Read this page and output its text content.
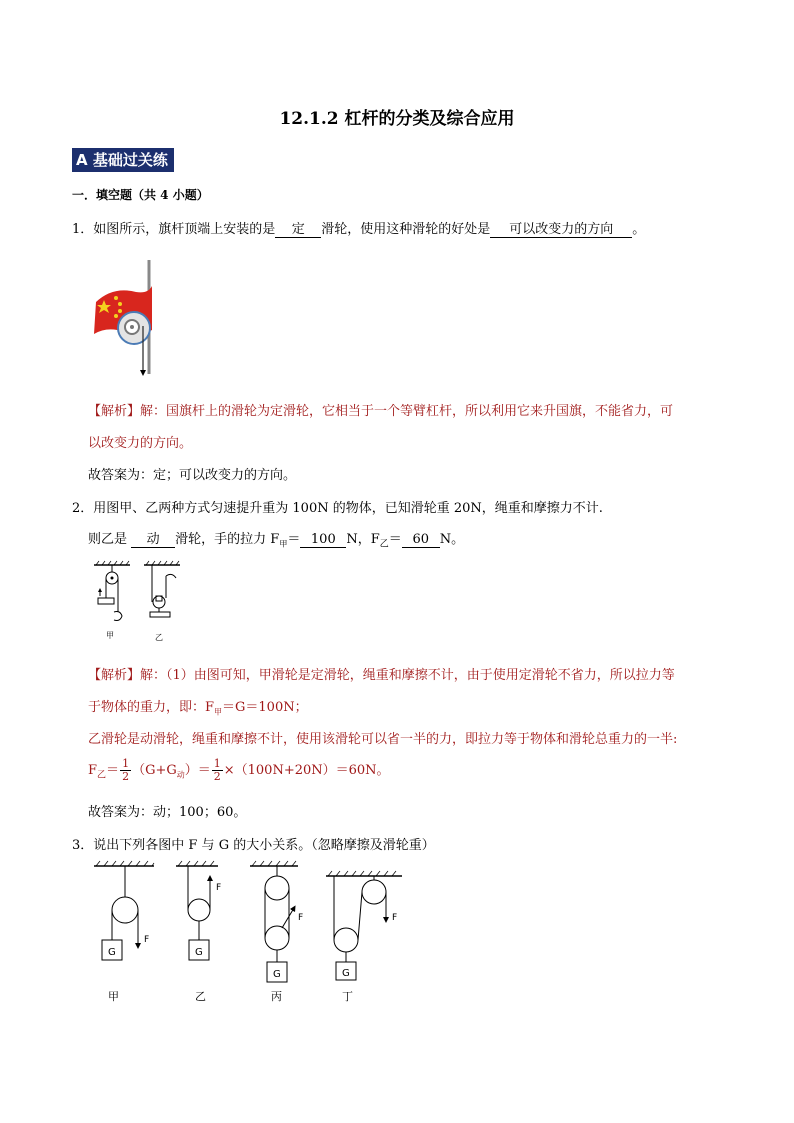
12.1.2 杠杆的分类及综合应用
A 基础过关练
一．填空题（共 4 小题）
1．如图所示，旗杆顶端上安装的是 定 滑轮，使用这种滑轮的好处是 可以改变力的方向 。
【解析】解：国旗杆上的滑轮为定滑轮，它相当于一个等臂杠杆，所以利用它来升国旗，不能省力，可
以改变力的方向。
故答案为：定；可以改变力的方向。
2．用图甲、乙两种方式匀速提升重为 100N 的物体，已知滑轮重 20N，绳重和摩擦力不计.
则乙是 动 滑轮，手的拉力 $F_甲= 100$ N，$F_乙= 60$ N。
甲	乙
【解析】解：（1）由图可知，甲滑轮是定滑轮，绳重和摩擦不计，由于使用定滑轮不省力，所以拉力等
于物体的重力，即：$F_甲=G=100N$；
乙滑轮是动滑轮，绳重和摩擦不计，使用该滑轮可以省一半的力，即拉力等于物体和滑轮总重力的一半:
$F_乙= \frac{1}{2} (G+G_动)= \frac{1}{2} \times(100N+20N)=60N$。
故答案为：动；100；60。
3．说出下列各图中 F 与 G 的大小关系。（忽略摩擦及滑轮重）
G
F
甲
G
F
乙
G
F
丙
G
F
丁
